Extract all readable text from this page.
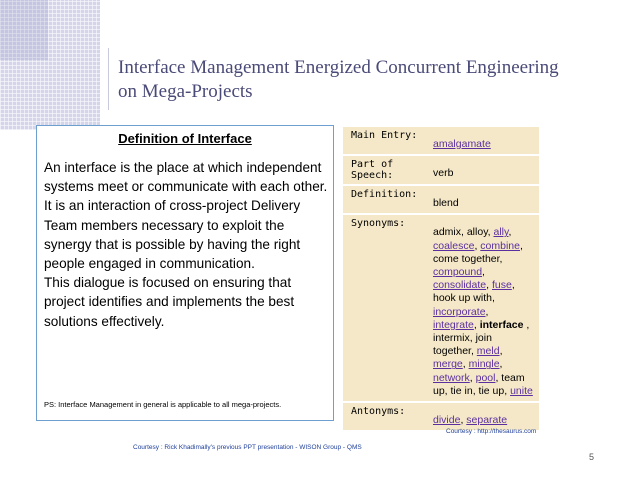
Interface Management Energized Concurrent Engineering
on Mega-Projects
Definition of Interface

An interface is the place at which independent systems meet or communicate with each other.

It is an interaction of cross-project Delivery Team members necessary to exploit the synergy that is possible by having the right people engaged in communication.

This dialogue is focused on ensuring that project identifies and implements the best solutions effectively.

PS: Interface Management in general is applicable to all mega-projects.
Main Entry:	amalgamate
Part of Speech:	verb
Definition:	blend
Synonyms:	admix, alloy, ally, coalesce, combine, come together, compound, consolidate, fuse, hook up with, incorporate, integrate, interface , intermix, join together, meld, merge, mingle, network, pool, team up, tie in, tie up, unite
Antonyms:	divide, separate
Courtesy : http://thesaurus.com
Courtesy : Rick Khadimally's previous PPT presentation - WISON Group - QMS
5
